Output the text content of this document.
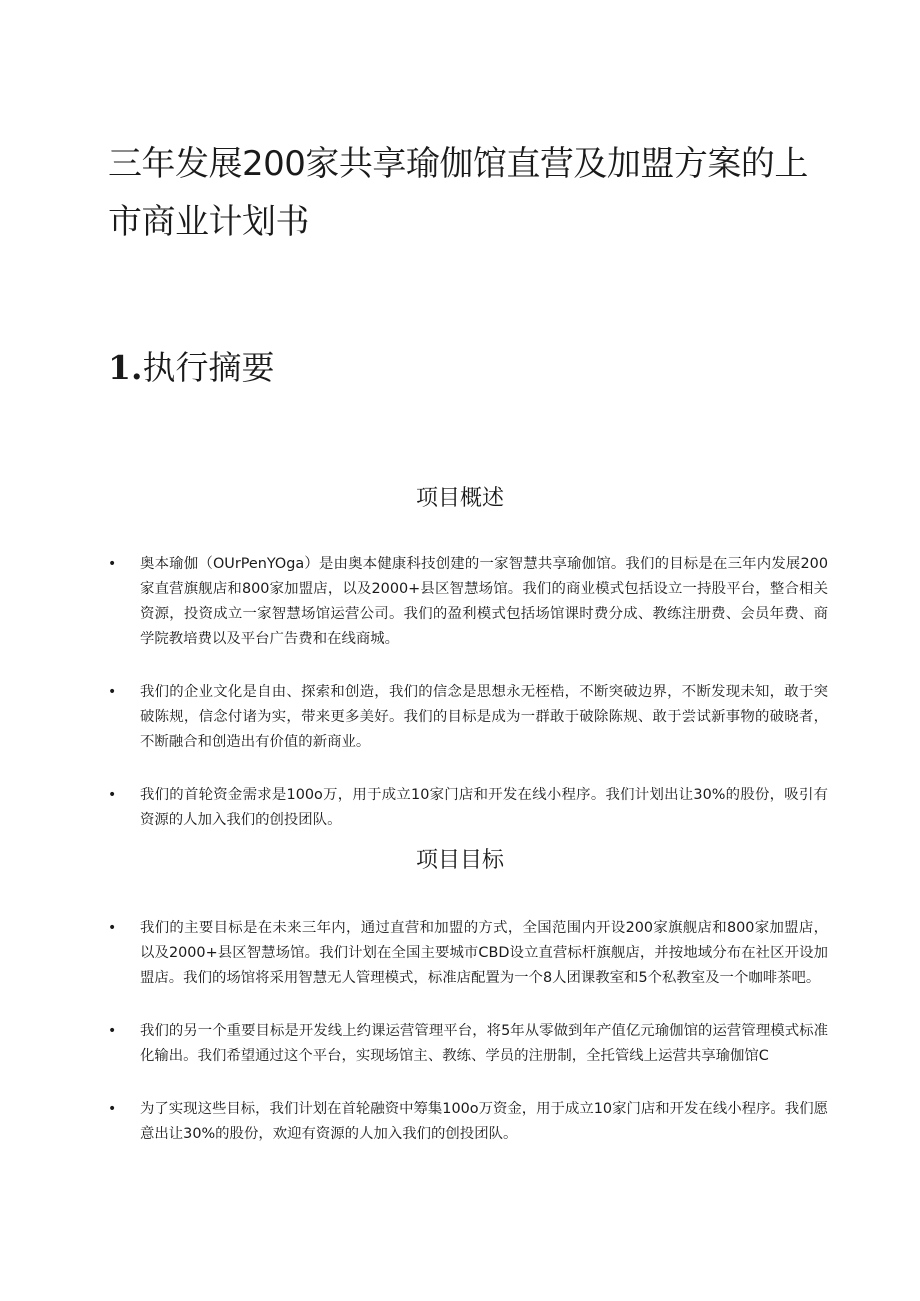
三年发展200家共享瑜伽馆直营及加盟方案的上市商业计划书
1.执行摘要
项目概述
• 奥本瑜伽（OUrPenYOga）是由奥本健康科技创建的一家智慧共享瑜伽馆。我们的目标是在三年内发展200家直营旗舰店和800家加盟店，以及2000+县区智慧场馆。我们的商业模式包括设立一持股平台，整合相关资源，投资成立一家智慧场馆运营公司。我们的盈利模式包括场馆课时费分成、教练注册费、会员年费、商学院教培费以及平台广告费和在线商城。
• 我们的企业文化是自由、探索和创造，我们的信念是思想永无桎梏，不断突破边界，不断发现未知，敢于突破陈规，信念付诸为实，带来更多美好。我们的目标是成为一群敢于破除陈规、敢于尝试新事物的破晓者，不断融合和创造出有价值的新商业。
• 我们的首轮资金需求是100o万，用于成立10家门店和开发在线小程序。我们计划出让30%的股份，吸引有资源的人加入我们的创投团队。
项目目标
• 我们的主要目标是在未来三年内，通过直营和加盟的方式，全国范围内开设200家旗舰店和800家加盟店，以及2000+县区智慧场馆。我们计划在全国主要城市CBD设立直营标杆旗舰店，并按地域分布在社区开设加盟店。我们的场馆将采用智慧无人管理模式，标准店配置为一个8人团课教室和5个私教室及一个咖啡茶吧。
• 我们的另一个重要目标是开发线上约课运营管理平台，将5年从零做到年产值亿元瑜伽馆的运营管理模式标准化输出。我们希望通过这个平台，实现场馆主、教练、学员的注册制，全托管线上运营共享瑜伽馆C
• 为了实现这些目标，我们计划在首轮融资中筹集100o万资金，用于成立10家门店和开发在线小程序。我们愿意出让30%的股份，欢迎有资源的人加入我们的创投团队。
